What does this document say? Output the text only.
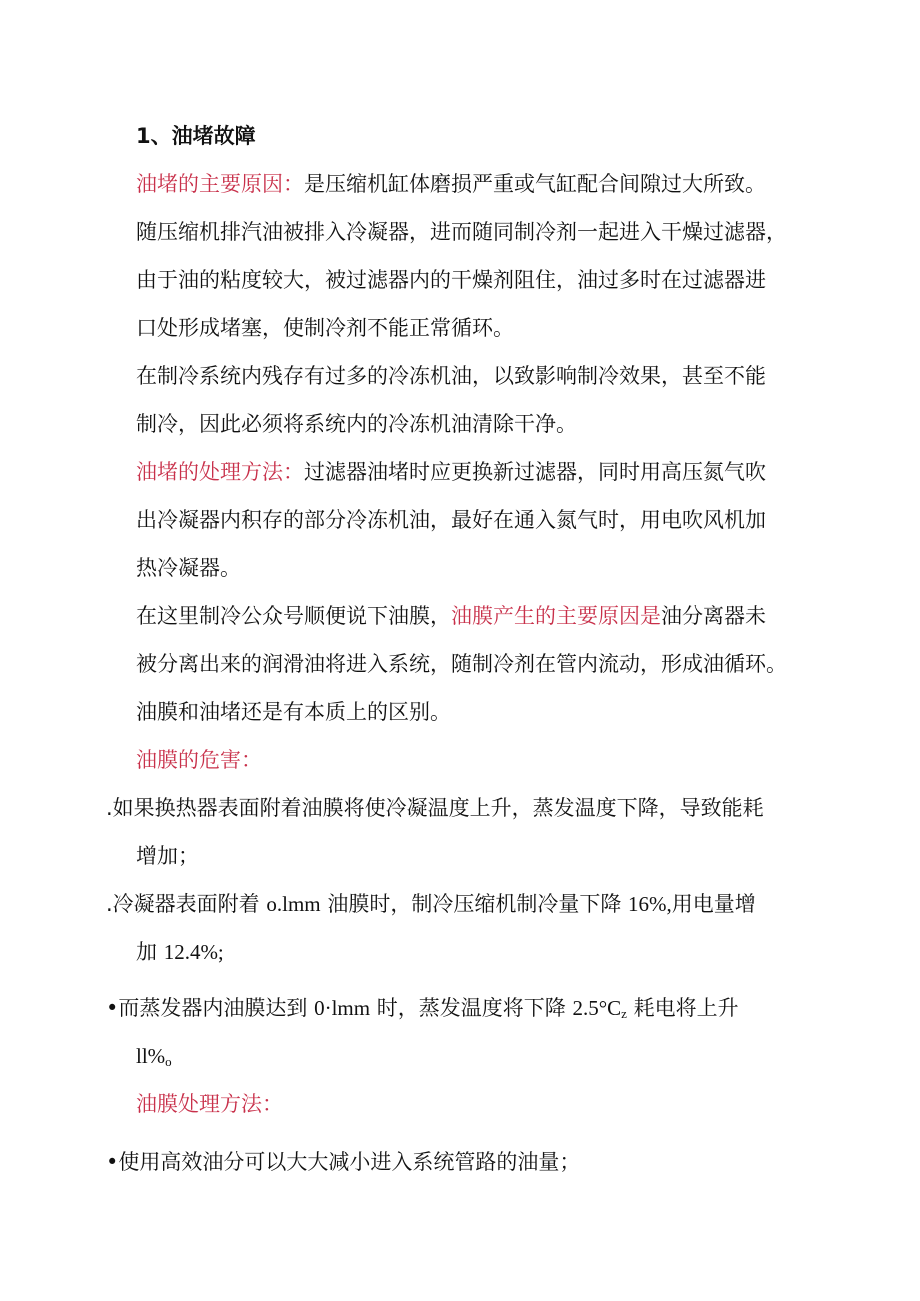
1、油堵故障
油堵的主要原因：是压缩机缸体磨损严重或气缸配合间隙过大所致。
随压缩机排汽油被排入冷凝器，进而随同制冷剂一起进入干燥过滤器，
由于油的粘度较大，被过滤器内的干燥剂阻住，油过多时在过滤器进
口处形成堵塞，使制冷剂不能正常循环。
在制冷系统内残存有过多的冷冻机油，以致影响制冷效果，甚至不能
制冷，因此必须将系统内的冷冻机油清除干净。
油堵的处理方法：过滤器油堵时应更换新过滤器，同时用高压氮气吹
出冷凝器内积存的部分冷冻机油，最好在通入氮气时，用电吹风机加
热冷凝器。
在这里制冷公众号顺便说下油膜，油膜产生的主要原因是油分离器未
被分离出来的润滑油将进入系统，随制冷剂在管内流动，形成油循环。
油膜和油堵还是有本质上的区别。
油膜的危害：
.如果换热器表面附着油膜将使冷凝温度上升，蒸发温度下降，导致能耗
增加；
.冷凝器表面附着 o.lmm 油膜时，制冷压缩机制冷量下降 16%,用电量增
加 12.4%;
•而蒸发器内油膜达到 0·lmm 时，蒸发温度将下降 $2.5^\circ C_z$ 耗电将上升
$ll\%_o$
油膜处理方法：
•使用高效油分可以大大减小进入系统管路的油量；
